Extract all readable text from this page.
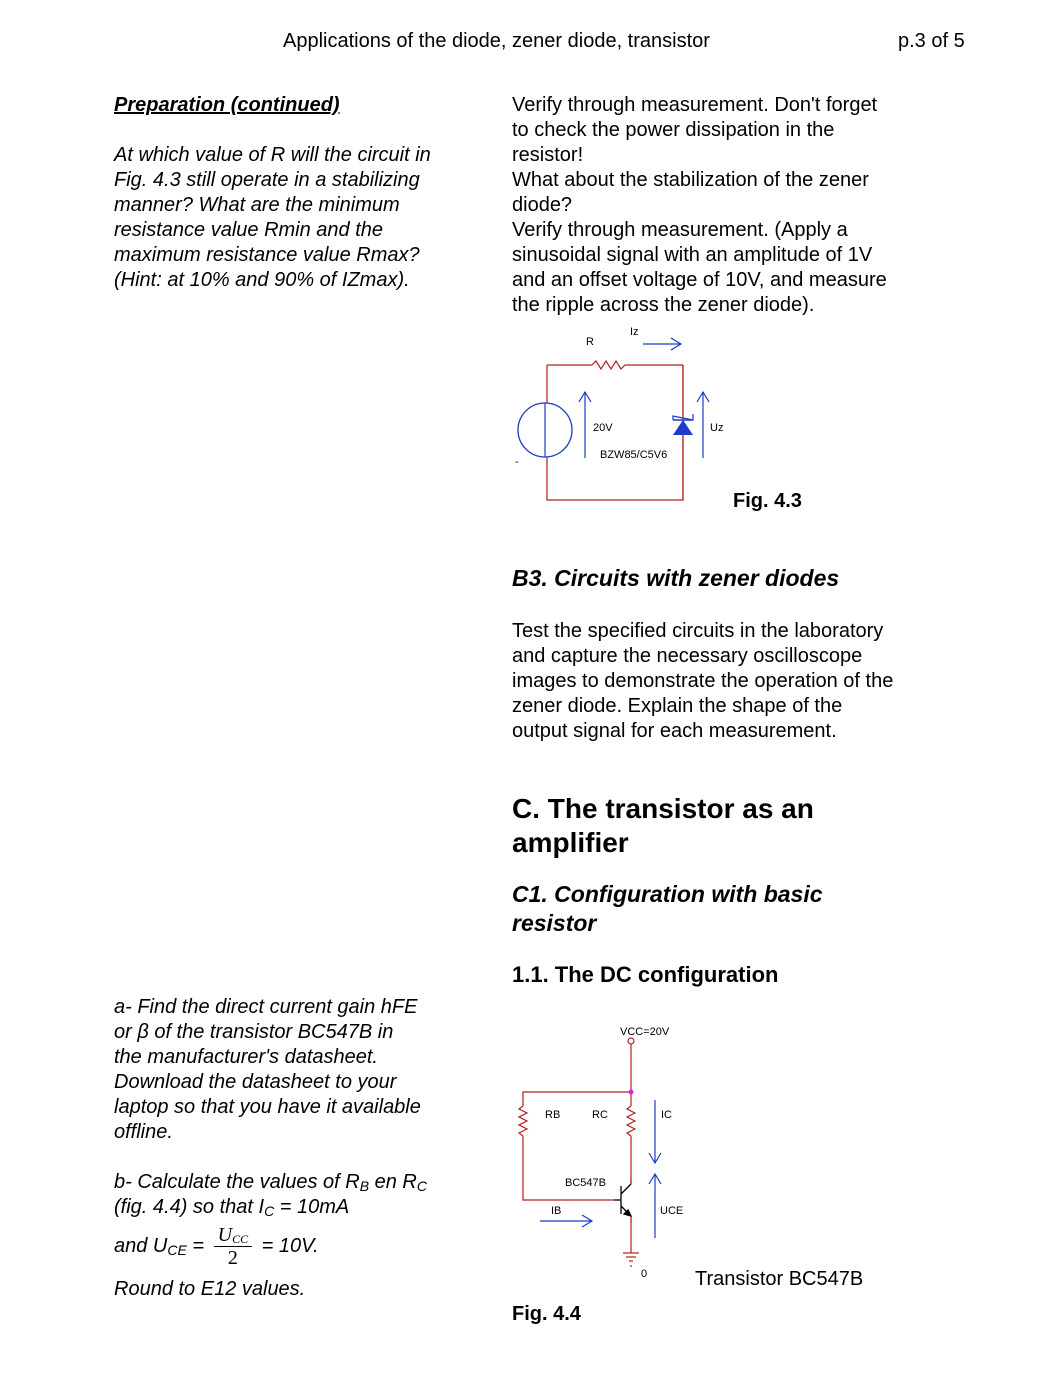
Applications of the diode, zener diode, transistor	p.3 of 5
Preparation (continued)

At which value of R will the circuit in

Fig. 4.3 still operate in a stabilizing

manner? What are the minimum

resistance value Rmin and the

maximum resistance value Rmax?

(Hint: at 10% and 90% of IZmax).

a- Find the direct current gain hFE

or β of the transistor BC547B in

the manufacturer's datasheet.

Download the datasheet to your

laptop so that you have it available

offline.

b- Calculate the values of $R_B$ en $R_C$

(fig. 4.4) so that $I_C = 10mA$

and $U_{CE} = \frac{U_{CC}}{2} = 10V$.
Round to E12 values.

Verify through measurement. Don't forget

to check the power dissipation in the

resistor!

What about the stabilization of the zener

diode?

Verify through measurement. (Apply a

sinusoidal signal with an amplitude of 1V

and an offset voltage of 10V, and measure

the ripple across the zener diode).

R
Iz
-
20V
BZW85/C5V6
Uz
Fig. 4.3
B3. Circuits with zener diodes

Test the specified circuits in the laboratory

and capture the necessary oscilloscope

images to demonstrate the operation of the

zener diode. Explain the shape of the

output signal for each measurement.

C. The transistor as an
amplifier
C1. Configuration with basic
resistor
1.1. The DC configuration
VCC=20V
RB	RC	IC
BC547B
IB	UCE
0 Transistor BC547B
Fig. 4.4
